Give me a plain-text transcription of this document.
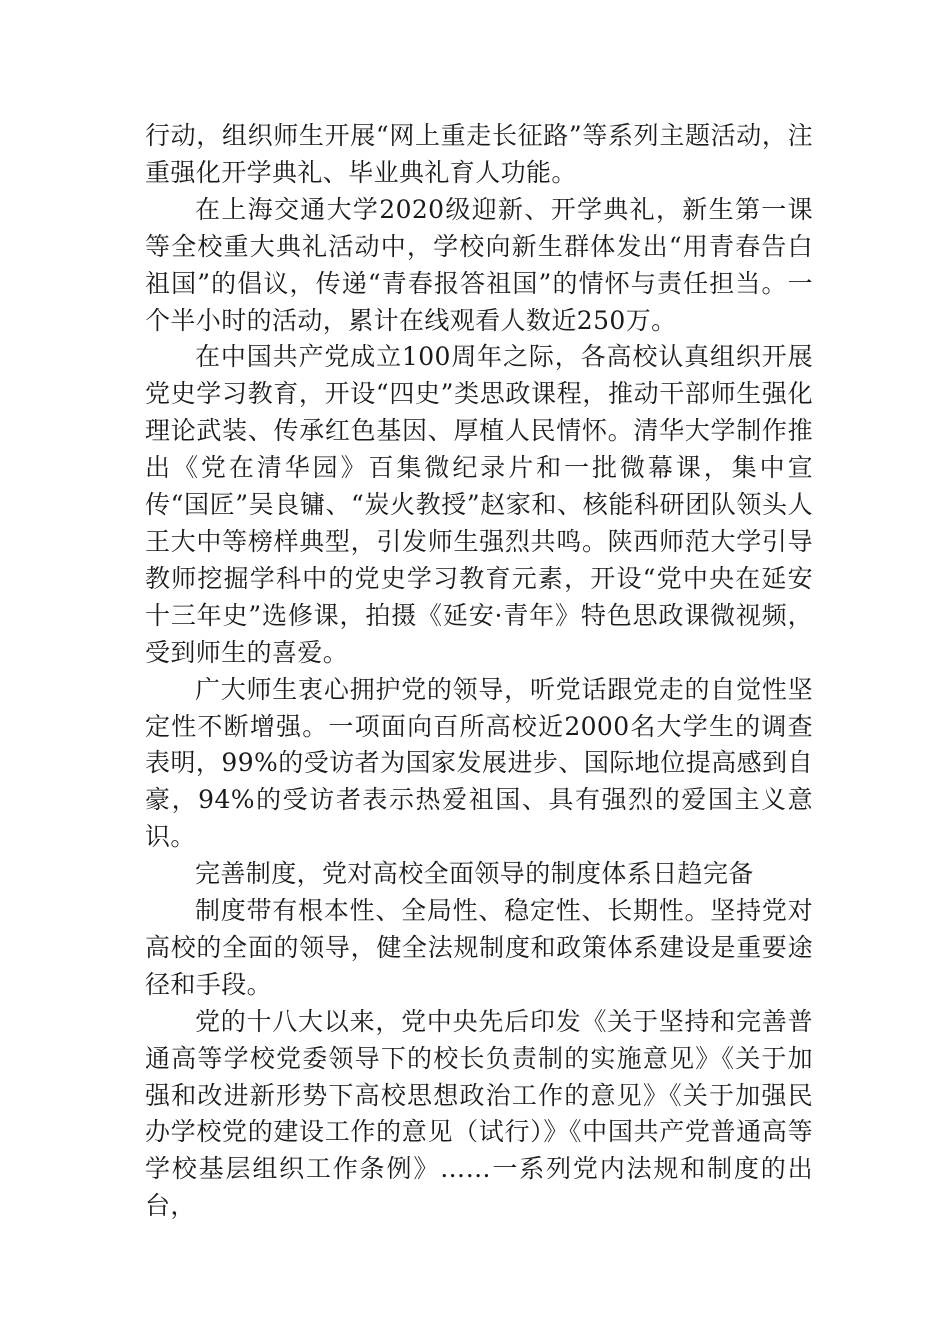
行动，组织师生开展“网上重走长征路”等系列主题活动，注重强化开学典礼、毕业典礼育人功能。

在上海交通大学2020级迎新、开学典礼，新生第一课等全校重大典礼活动中，学校向新生群体发出“用青春告白祖国”的倡议，传递“青春报答祖国”的情怀与责任担当。一个半小时的活动，累计在线观看人数近250万。

在中国共产党成立100周年之际，各高校认真组织开展党史学习教育，开设“四史”类思政课程，推动干部师生强化理论武装、传承红色基因、厚植人民情怀。清华大学制作推出《党在清华园》百集微纪录片和一批微幕课，集中宣传“国匠”吴良镛、“炭火教授”赵家和、核能科研团队领头人王大中等榜样典型，引发师生强烈共鸣。陕西师范大学引导教师挖掘学科中的党史学习教育元素，开设“党中央在延安十三年史”选修课，拍摄《延安·青年》特色思政课微视频，受到师生的喜爱。

广大师生衷心拥护党的领导，听党话跟党走的自觉性坚定性不断增强。一项面向百所高校近2000名大学生的调查表明，99%的受访者为国家发展进步、国际地位提高感到自豪，94%的受访者表示热爱祖国、具有强烈的爱国主义意识。

完善制度，党对高校全面领导的制度体系日趋完备

制度带有根本性、全局性、稳定性、长期性。坚持党对高校的全面的领导，健全法规制度和政策体系建设是重要途径和手段。

党的十八大以来，党中央先后印发《关于坚持和完善普通高等学校党委领导下的校长负责制的实施意见》《关于加强和改进新形势下高校思想政治工作的意见》《关于加强民办学校党的建设工作的意见（试行）》《中国共产党普通高等学校基层组织工作条例》……一系列党内法规和制度的出台，
